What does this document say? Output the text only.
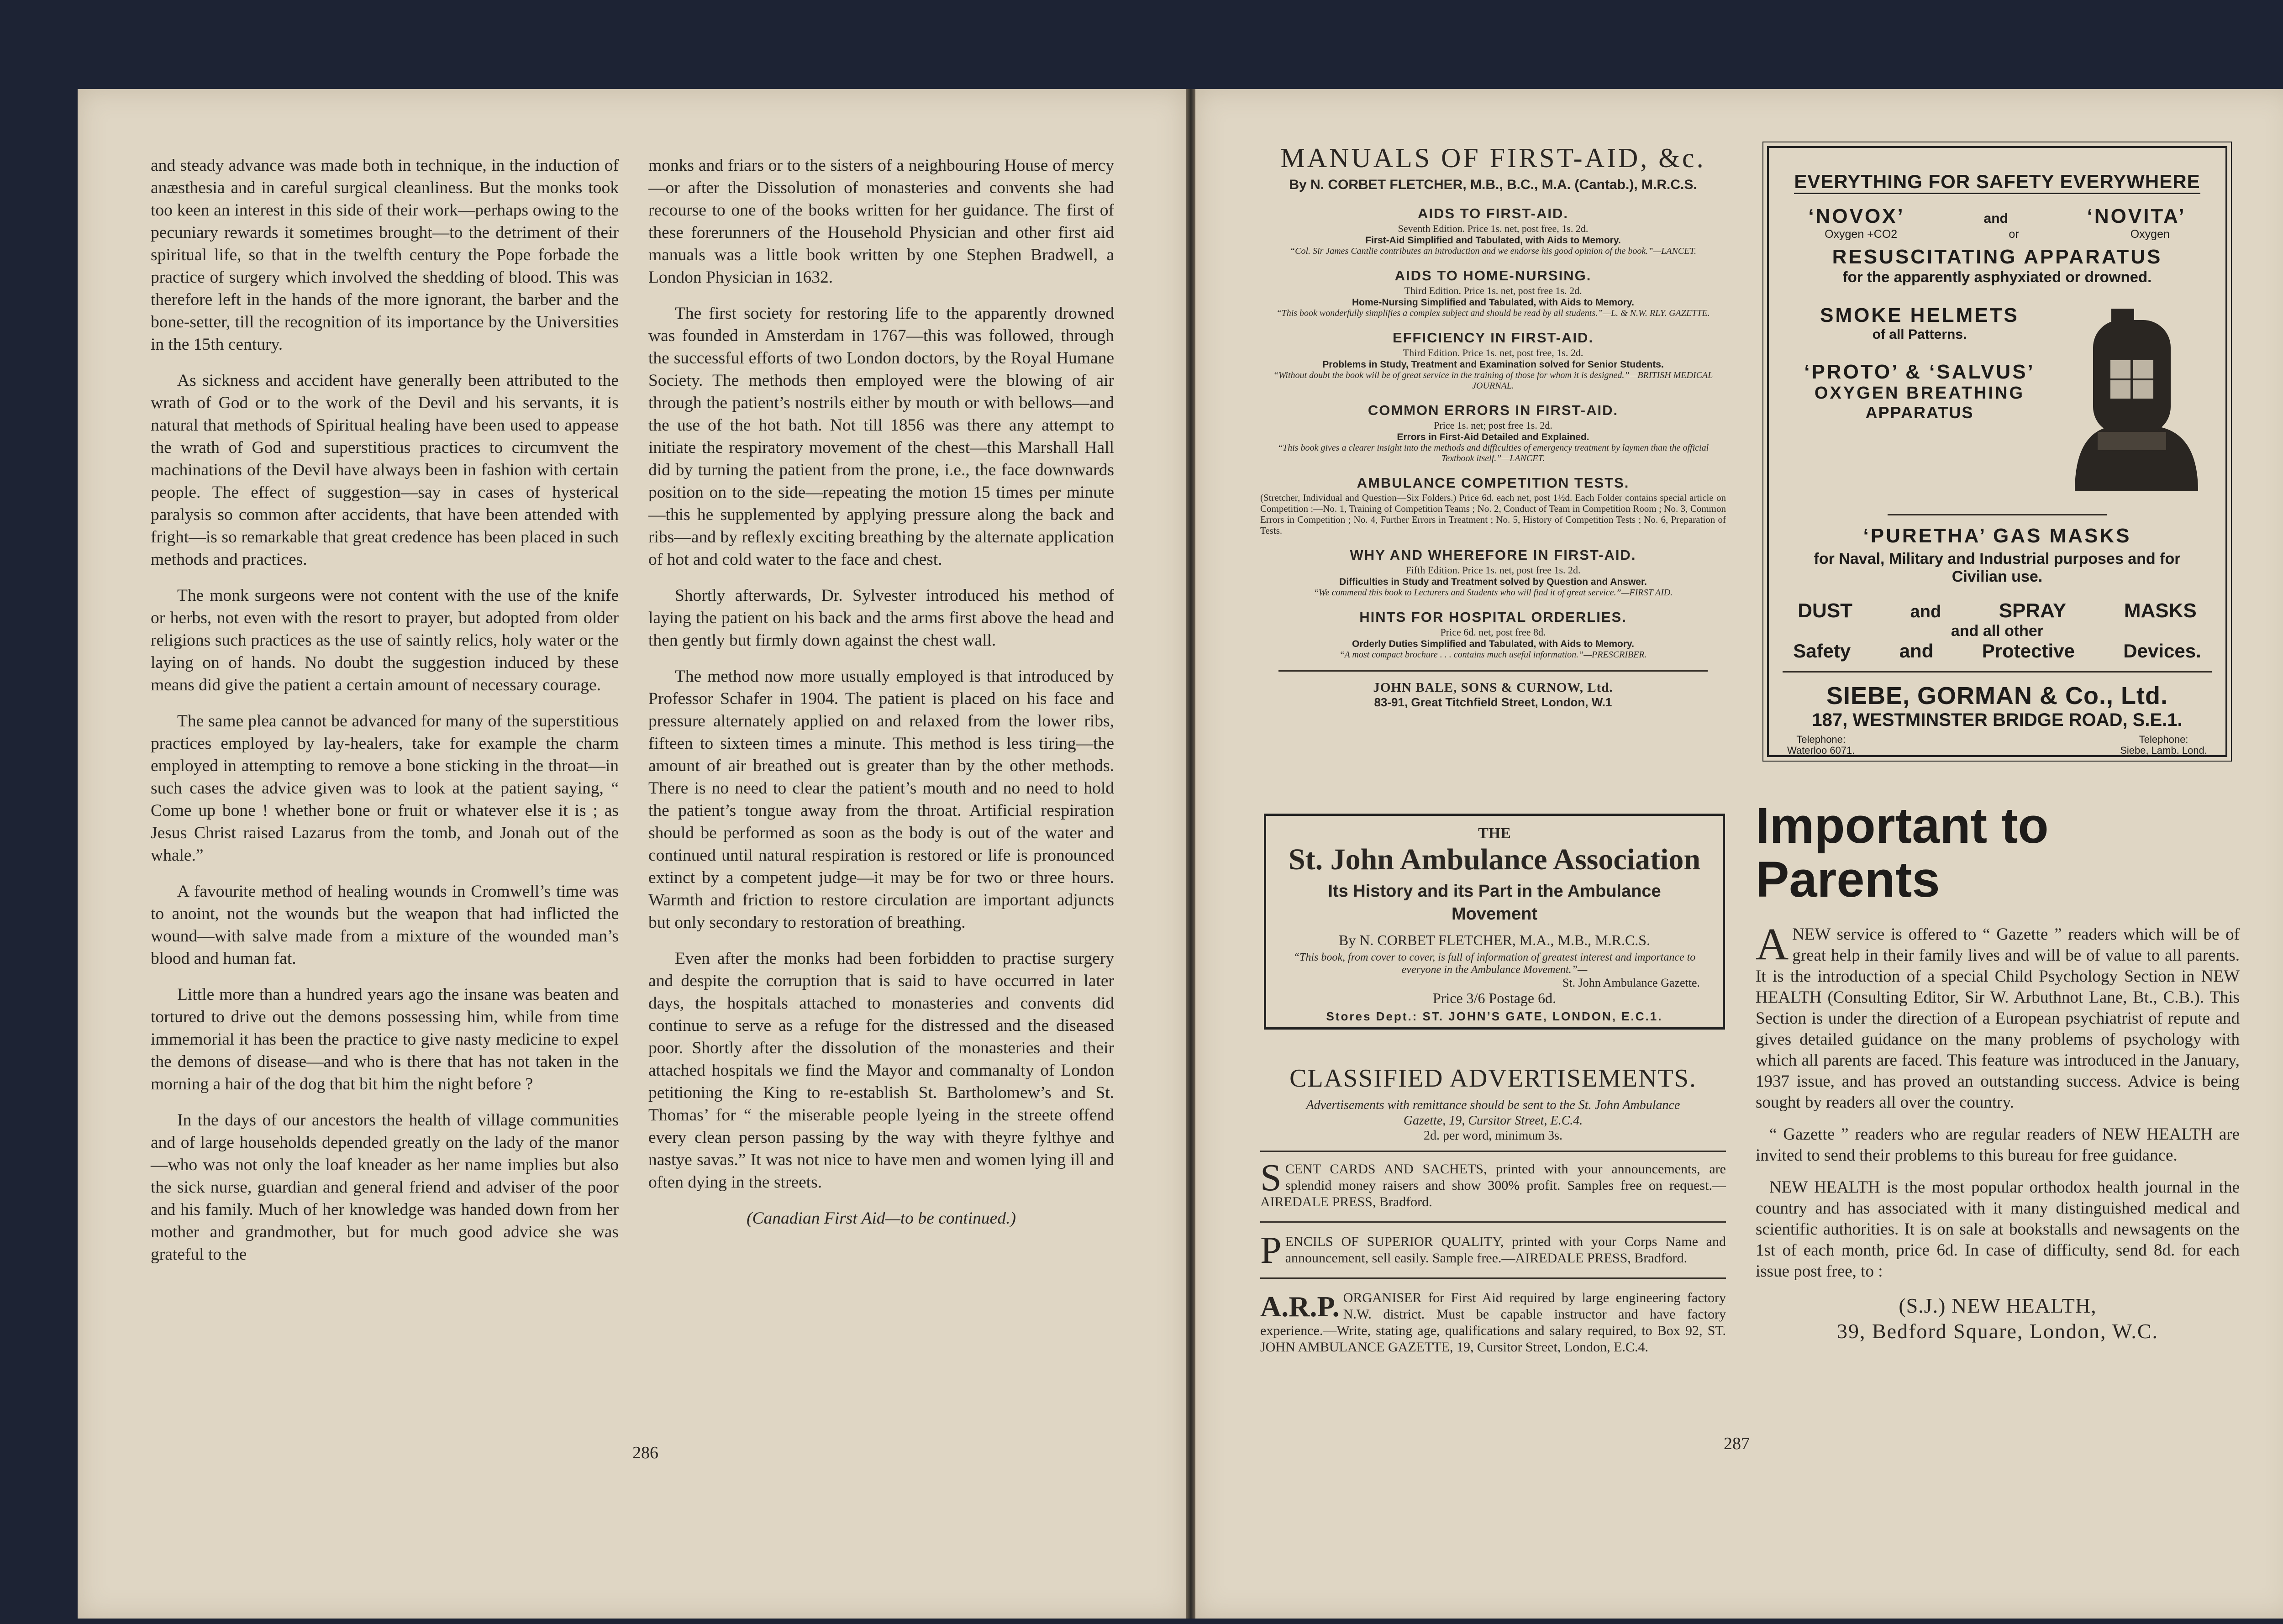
and steady advance was made both in technique, in the induction of anæsthesia and in careful surgical cleanliness. But the monks took too keen an interest in this side of their work—perhaps owing to the pecuniary rewards it sometimes brought—to the detriment of their spiritual life, so that in the twelfth century the Pope forbade the practice of surgery which involved the shedding of blood. This was therefore left in the hands of the more ignorant, the barber and the bone-setter, till the recognition of its importance by the Universities in the 15th century.

As sickness and accident have generally been attributed to the wrath of God or to the work of the Devil and his servants, it is natural that methods of Spiritual healing have been used to appease the wrath of God and superstitious practices to circumvent the machinations of the Devil have always been in fashion with certain people. The effect of suggestion—say in cases of hysterical paralysis so common after accidents, that have been attended with fright—is so remarkable that great credence has been placed in such methods and practices.

The monk surgeons were not content with the use of the knife or herbs, not even with the resort to prayer, but adopted from older religions such practices as the use of saintly relics, holy water or the laying on of hands. No doubt the suggestion induced by these means did give the patient a certain amount of necessary courage.

The same plea cannot be advanced for many of the superstitious practices employed by lay-healers, take for example the charm employed in attempting to remove a bone sticking in the throat—in such cases the advice given was to look at the patient saying, “ Come up bone ! whether bone or fruit or whatever else it is ; as Jesus Christ raised Lazarus from the tomb, and Jonah out of the whale.”

A favourite method of healing wounds in Cromwell’s time was to anoint, not the wounds but the weapon that had inflicted the wound—with salve made from a mixture of the wounded man’s blood and human fat.

Little more than a hundred years ago the insane was beaten and tortured to drive out the demons possessing him, while from time immemorial it has been the practice to give nasty medicine to expel the demons of disease—and who is there that has not taken in the morning a hair of the dog that bit him the night before ?

In the days of our ancestors the health of village communities and of large households depended greatly on the lady of the manor—who was not only the loaf kneader as her name implies but also the sick nurse, guardian and general friend and adviser of the poor and his family. Much of her knowledge was handed down from her mother and grandmother, but for much good advice she was grateful to the

monks and friars or to the sisters of a neighbouring House of mercy—or after the Dissolution of monasteries and convents she had recourse to one of the books written for her guidance. The first of these forerunners of the Household Physician and other first aid manuals was a little book written by one Stephen Bradwell, a London Physician in 1632.

The first society for restoring life to the apparently drowned was founded in Amsterdam in 1767—this was followed, through the successful efforts of two London doctors, by the Royal Humane Society. The methods then employed were the blowing of air through the patient’s nostrils either by mouth or with bellows—and the use of the hot bath. Not till 1856 was there any attempt to initiate the respiratory movement of the chest—this Marshall Hall did by turning the patient from the prone, i.e., the face downwards position on to the side—repeating the motion 15 times per minute—this he supplemented by applying pressure along the back and ribs—and by reflexly exciting breathing by the alternate application of hot and cold water to the face and chest.

Shortly afterwards, Dr. Sylvester introduced his method of laying the patient on his back and the arms first above the head and then gently but firmly down against the chest wall.

The method now more usually employed is that introduced by Professor Schafer in 1904. The patient is placed on his face and pressure alternately applied on and relaxed from the lower ribs, fifteen to sixteen times a minute. This method is less tiring—the amount of air breathed out is greater than by the other methods. There is no need to clear the patient’s mouth and no need to hold the patient’s tongue away from the throat. Artificial respiration should be performed as soon as the body is out of the water and continued until natural respiration is restored or life is pronounced extinct by a competent judge—it may be for two or three hours. Warmth and friction to restore circulation are important adjuncts but only secondary to restoration of breathing.

Even after the monks had been forbidden to practise surgery and despite the corruption that is said to have occurred in later days, the hospitals attached to monasteries and convents did continue to serve as a refuge for the distressed and the diseased poor. Shortly after the dissolution of the monasteries and their attached hospitals we find the Mayor and commanalty of London petitioning the King to re-establish St. Bartholomew’s and St. Thomas’ for “ the miserable people lyeing in the streete offend every clean person passing by the way with theyre fylthye and nastye savas.” It was not nice to have men and women lying ill and often dying in the streets.

(Canadian First Aid—to be continued.)

286
MANUALS OF FIRST-AID, &c.
By N. CORBET FLETCHER, M.B., B.C., M.A. (Cantab.), M.R.C.S.
AIDS TO FIRST-AID.
Seventh Edition. Price 1s. net, post free, 1s. 2d.
First-Aid Simplified and Tabulated, with Aids to Memory.
“Col. Sir James Cantlie contributes an introduction and we endorse his good opinion of the book.”—LANCET.
AIDS TO HOME-NURSING.
Third Edition. Price 1s. net, post free 1s. 2d.
Home-Nursing Simplified and Tabulated, with Aids to Memory.
“This book wonderfully simplifies a complex subject and should be read by all students.”—L. & N.W. RLY. GAZETTE.
EFFICIENCY IN FIRST-AID.
Third Edition. Price 1s. net, post free, 1s. 2d.
Problems in Study, Treatment and Examination solved for Senior Students.
“Without doubt the book will be of great service in the training of those for whom it is designed.”—BRITISH MEDICAL JOURNAL.
COMMON ERRORS IN FIRST-AID.
Price 1s. net; post free 1s. 2d.
Errors in First-Aid Detailed and Explained.
“This book gives a clearer insight into the methods and difficulties of emergency treatment by laymen than the official Textbook itself.”—LANCET.
AMBULANCE COMPETITION TESTS.
(Stretcher, Individual and Question—Six Folders.) Price 6d. each net, post 1½d. Each Folder contains special article on Competition :—No. 1, Training of Competition Teams ; No. 2, Conduct of Team in Competition Room ; No. 3, Common Errors in Competition ; No. 4, Further Errors in Treatment ; No. 5, History of Competition Tests ; No. 6, Preparation of Tests.
WHY AND WHEREFORE IN FIRST-AID.
Fifth Edition. Price 1s. net, post free 1s. 2d.
Difficulties in Study and Treatment solved by Question and Answer.
“We commend this book to Lecturers and Students who will find it of great service.”—FIRST AID.
HINTS FOR HOSPITAL ORDERLIES.
Price 6d. net, post free 8d.
Orderly Duties Simplified and Tabulated, with Aids to Memory.
“A most compact brochure . . . contains much useful information.”—PRESCRIBER.
JOHN BALE, SONS & CURNOW, Ltd.
83-91, Great Titchfield Street, London, W.1
EVERYTHING FOR SAFETY EVERYWHERE
‘NOVOX’	and	‘NOVITA’
Oxygen +CO2	or	Oxygen
RESUSCITATING APPARATUS
for the apparently asphyxiated or drowned.
SMOKE HELMETS
of all Patterns.
‘PROTO’ & ‘SALVUS’
OXYGEN BREATHING
APPARATUS
‘PURETHA’ GAS MASKS
for Naval, Military and Industrial purposes and for Civilian use.
DUST	and	SPRAY	MASKS
and all other
Safety	and	Protective	Devices.
SIEBE, GORMAN & Co., Ltd.
187, WESTMINSTER BRIDGE ROAD, S.E.1.
Telephone:
Waterloo 6071.
Telephone:
Siebe, Lamb. Lond.
THE
St. John Ambulance Association
Its History and its Part in the Ambulance Movement
By N. CORBET FLETCHER, M.A., M.B., M.R.C.S.
“This book, from cover to cover, is full of information of greatest interest and importance to everyone in the Ambulance Movement.”—
St. John Ambulance Gazette.
Price 3/6 Postage 6d.
Stores Dept.: ST. JOHN’S GATE, LONDON, E.C.1.
CLASSIFIED ADVERTISEMENTS.
Advertisements with remittance should be sent to the St. John Ambulance Gazette, 19, Cursitor Street, E.C.4.
2d. per word, minimum 3s.

SCENT CARDS AND SACHETS, printed with your announcements, are splendid money raisers and show 300% profit. Samples free on request.—AIREDALE PRESS, Bradford.

PENCILS OF SUPERIOR QUALITY, printed with your Corps Name and announcement, sell easily. Sample free.—AIREDALE PRESS, Bradford.

A.R.P. ORGANISER for First Aid required by large engineering factory N.W. district. Must be capable instructor and have factory experience.—Write, stating age, qualifications and salary required, to Box 92, ST. JOHN AMBULANCE GAZETTE, 19, Cursitor Street, London, E.C.4.

Important to Parents

ANEW service is offered to “ Gazette ” readers which will be of great help in their family lives and will be of value to all parents. It is the introduction of a special Child Psychology Section in NEW HEALTH (Consulting Editor, Sir W. Arbuthnot Lane, Bt., C.B.). This Section is under the direction of a European psychiatrist of repute and gives detailed guidance on the many problems of psychology with which all parents are faced. This feature was introduced in the January, 1937 issue, and has proved an outstanding success. Advice is being sought by readers all over the country.

“ Gazette ” readers who are regular readers of NEW HEALTH are invited to send their problems to this bureau for free guidance.

NEW HEALTH is the most popular orthodox health journal in the country and has associated with it many distinguished medical and scientific authorities. It is on sale at bookstalls and newsagents on the 1st of each month, price 6d. In case of difficulty, send 8d. for each issue post free, to :

(S.J.) NEW HEALTH,
39, Bedford Square, London, W.C.
287
